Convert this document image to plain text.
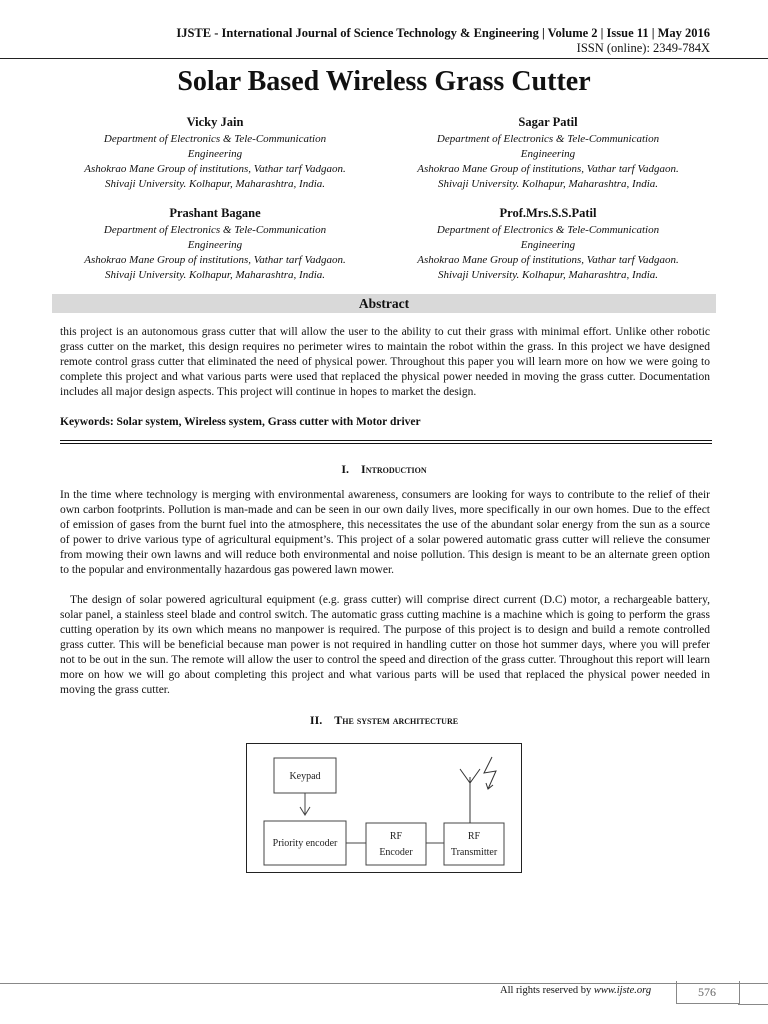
IJSTE - International Journal of Science Technology & Engineering | Volume 2 | Issue 11 | May 2016
ISSN (online): 2349-784X
Solar Based Wireless Grass Cutter
Vicky Jain
Department of Electronics & Tele-Communication
Engineering
Ashokrao Mane Group of institutions, Vathar tarf Vadgaon.
Shivaji University. Kolhapur, Maharashtra, India.
Sagar Patil
Department of Electronics & Tele-Communication
Engineering
Ashokrao Mane Group of institutions, Vathar tarf Vadgaon.
Shivaji University. Kolhapur, Maharashtra, India.
Prashant Bagane
Department of Electronics & Tele-Communication
Engineering
Ashokrao Mane Group of institutions, Vathar tarf Vadgaon.
Shivaji University. Kolhapur, Maharashtra, India.
Prof.Mrs.S.S.Patil
Department of Electronics & Tele-Communication
Engineering
Ashokrao Mane Group of institutions, Vathar tarf Vadgaon.
Shivaji University. Kolhapur, Maharashtra, India.
Abstract
this project is an autonomous grass cutter that will allow the user to the ability to cut their grass with minimal effort. Unlike other robotic grass cutter on the market, this design requires no perimeter wires to maintain the robot within the grass. In this project we have designed remote control grass cutter that eliminated the need of physical power. Throughout this paper you will learn more on how we were going to complete this project and what various parts were used that replaced the physical power needed in moving the grass cutter. Documentation includes all major design aspects. This project will continue in hopes to market the design.
Keywords: Solar system, Wireless system, Grass cutter with Motor driver
I. Introduction
In the time where technology is merging with environmental awareness, consumers are looking for ways to contribute to the relief of their own carbon footprints. Pollution is man-made and can be seen in our own daily lives, more specifically in our own homes. Due to the effect of emission of gases from the burnt fuel into the atmosphere, this necessitates the use of the abundant solar energy from the sun as a source of power to drive various type of agricultural equipment’s. This project of a solar powered automatic grass cutter will relieve the consumer from mowing their own lawns and will reduce both environmental and noise pollution. This design is meant to be an alternate green option to the popular and environmentally hazardous gas powered lawn mower.
The design of solar powered agricultural equipment (e.g. grass cutter) will comprise direct current (D.C) motor, a rechargeable battery, solar panel, a stainless steel blade and control switch. The automatic grass cutting machine is a machine which is going to perform the grass cutting operation by its own which means no manpower is required. The purpose of this project is to design and build a remote controlled grass cutter. This will be beneficial because man power is not required in handling cutter on those hot summer days, where you will prefer not to be out in the sun. The remote will allow the user to control the speed and direction of the grass cutter. Throughout this report will learn more on how we will go about completing this project and what various parts will be used that replaced the physical power needed in moving the grass cutter.
II. The system architecture
Keypad
Priority encoder
RF
Encoder
RF
Transmitter
All rights reserved by www.ijste.org	576
